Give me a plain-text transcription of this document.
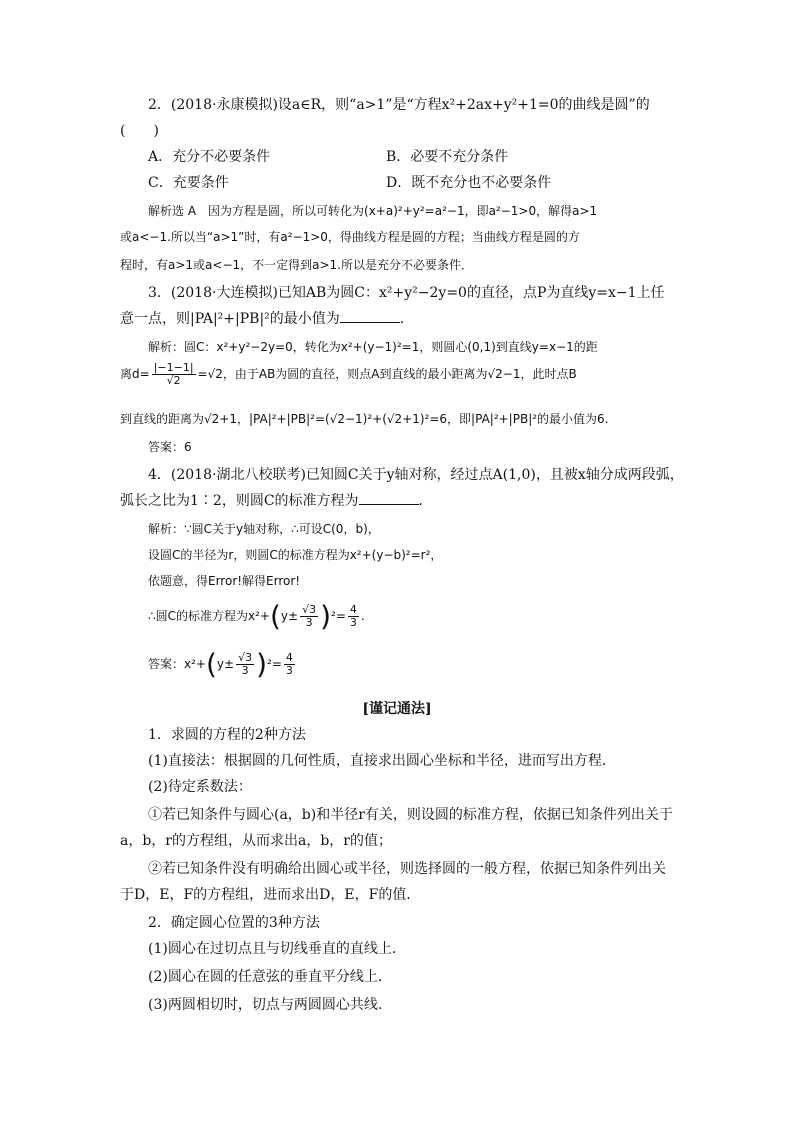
2．(2018·永康模拟)设a∈R，则“a>1”是“方程x²+2ax+y²+1=0的曲线是圆”的
(　　)
A．充分不必要条件	B．必要不充分条件
C．充要条件	D．既不充分也不必要条件
解析选 A　因为方程是圆，所以可转化为(x+a)²+y²=a²−1，即a²−1>0，解得a>1
或a<−1.所以当“a>1”时，有a²−1>0，得曲线方程是圆的方程；当曲线方程是圆的方
程时，有a>1或a<−1，不一定得到a>1.所以是充分不必要条件．
3．(2018·大连模拟)已知AB为圆C：x²+y²−2y=0的直径，点P为直线y=x−1上任
意一点，则|PA|²+|PB|²的最小值为	．
解析：圆C：x²+y²−2y=0，转化为x²+(y−1)²=1，则圆心(0,1)到直线y=x−1的距
离$d= \frac{|-1-1|}{√2} =√2$，由于AB为圆的直径，则点A到直线的最小距离为√2−1，此时点B
到直线的距离为√2+1，|PA|²+|PB|²=(√2−1)²+(√2+1)²=6，即|PA|²+|PB|²的最小值为6.
答案：6
4．(2018·湖北八校联考)已知圆C关于y轴对称，经过点A(1,0)，且被x轴分成两段弧，
弧长之比为1∶2，则圆C的标准方程为	．
解析：∵圆C关于y轴对称，∴可设C(0，b)，
设圆C的半径为r，则圆C的标准方程为x²+(y−b)²=r²，
依题意，得Error!解得Error!
∴圆C的标准方程为$x^2+(y\pm \frac{√3}{3} )^2= \frac{4}{3}$ .
答案：$x^2+(y\pm \frac{√3}{3} )^2= \frac{4}{3}$
[谨记通法]
1．求圆的方程的2种方法
(1)直接法：根据圆的几何性质，直接求出圆心坐标和半径，进而写出方程．
(2)待定系数法：
①若已知条件与圆心(a，b)和半径r有关，则设圆的标准方程，依据已知条件列出关于
a，b，r的方程组，从而求出a，b，r的值；
②若已知条件没有明确给出圆心或半径，则选择圆的一般方程，依据已知条件列出关
于D，E，F的方程组，进而求出D，E，F的值．
2．确定圆心位置的3种方法
(1)圆心在过切点且与切线垂直的直线上．
(2)圆心在圆的任意弦的垂直平分线上．
(3)两圆相切时，切点与两圆圆心共线．
